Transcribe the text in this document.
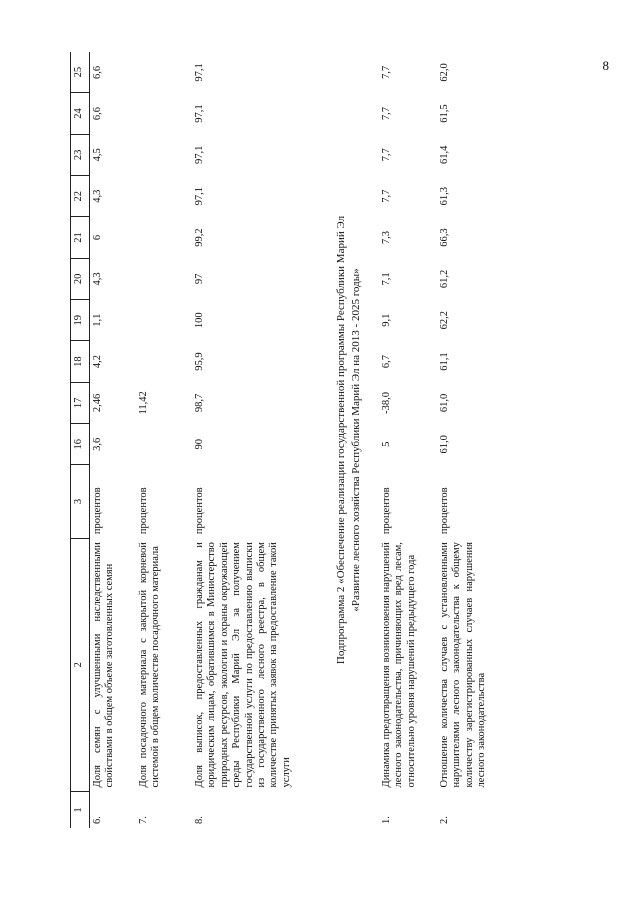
8
1	2	3	16	17	18	19	20	21	22	23	24	25
6.	Доля семян с улучшенными наследственными свойствами в общем объеме заготовленных семян	процентов	3,6	2,46	4,2	1,1	4,3	6	4,3	4,5	6,6	6,6
7.	Доля посадочного материала с закрытой корневой системой в общем количестве посадочного материала	процентов		11,42								
8.	Доля выписок, предоставленных гражданам и юридическим лицам, обратившимся в Министерство природных ресурсов, экологии и охраны окружающей среды Республики Марий Эл за получением государственной услуги по предоставлению выписки из государственного лесного реестра, в общем количестве принятых заявок на предоставление такой услуги	процентов	90	98,7	95,9	100	97	99,2	97,1	97,1	97,1	97,1

Подпрограмма 2 «Обеспечение реализации государственной программы Республики Марий Эл «Развитие лесного хозяйства Республики Марий Эл на 2013 - 2025 годы»												

1.	Динамика предотвращения возникновения нарушений лесного законодательства, причиняющих вред лесам, относительно уровня нарушений предыдущего года	процентов	5	-38,0	6,7	9,1	7,1	7,3	7,7	7,7	7,7	7,7
2.	Отношение количества случаев с установленными нарушителями лесного законодательства к общему количеству зарегистрированных случаев нарушения лесного законодательства	процентов	61,0	61,0	61,1	62,2	61,2	66,3	61,3	61,4	61,5	62,0
